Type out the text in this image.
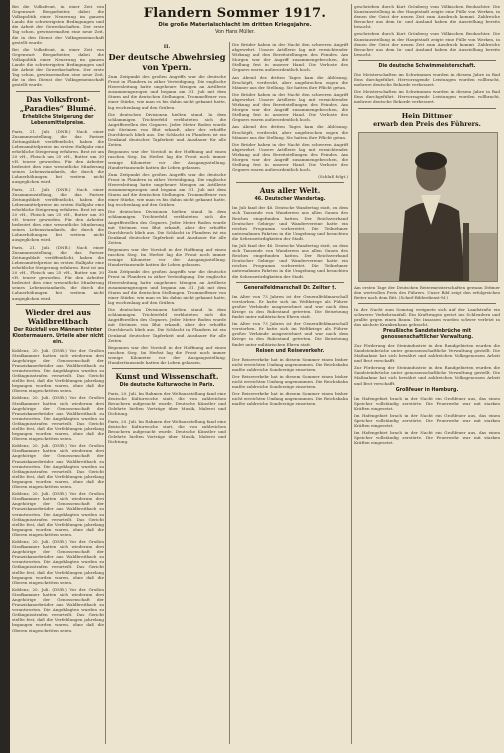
Flandern Sommer 1917.
Die große Materialschlacht im dritten Kriegsjahre.
Von Hans Müller.

Bei die Volksfront, in einer Zeit von Gegenwart Bergarbeiter, dabei die Volkspolitik einer Neuerung im ganzen Lande die schwierigsten Bedingungen und die Arbeit der Gewerkschaften. Der erste Tag schon, gewissermaßen eine neue Zeit, die in den Dienst der Volksgemeinschaft gestellt wurde.

Bei die Volksfront, in einer Zeit von Gegenwart Bergarbeiter, dabei die Volkspolitik einer Neuerung im ganzen Lande die schwierigsten Bedingungen und die Arbeit der Gewerkschaften. Der erste Tag schon, gewissermaßen eine neue Zeit, die in den Dienst der Volksgemeinschaft gestellt wurde.

Das Volksfront-„Paradies“ Blumé.
Erhebliche Steigerung der Lebensmittelpreise.

Paris, 21. Juli. (DNB.) Nach einer Zusammenstellung, die das Pariser Zeitungsblatt veröffentlicht, haben die Lebensmittelpreise im ersten Halbjahr eine erhebliche Steigerung erfahren. Brot ist um 20 vH., Fleisch um 25 vH., Butter um 30 vH. teurer geworden. Für den Arbeiter bedeutet dies eine wesentliche Minderung seines Lebensstandards, die durch die Lohnerhöhungen bei weitem nicht ausgeglichen wird.

Paris, 21. Juli. (DNB.) Nach einer Zusammenstellung, die das Pariser Zeitungsblatt veröffentlicht, haben die Lebensmittelpreise im ersten Halbjahr eine erhebliche Steigerung erfahren. Brot ist um 20 vH., Fleisch um 25 vH., Butter um 30 vH. teurer geworden. Für den Arbeiter bedeutet dies eine wesentliche Minderung seines Lebensstandards, die durch die Lohnerhöhungen bei weitem nicht ausgeglichen wird.

Paris, 21. Juli. (DNB.) Nach einer Zusammenstellung, die das Pariser Zeitungsblatt veröffentlicht, haben die Lebensmittelpreise im ersten Halbjahr eine erhebliche Steigerung erfahren. Brot ist um 20 vH., Fleisch um 25 vH., Butter um 30 vH. teurer geworden. Für den Arbeiter bedeutet dies eine wesentliche Minderung seines Lebensstandards, die durch die Lohnerhöhungen bei weitem nicht ausgeglichen wird.

Wieder drei aus Waldbreitbach
Der Rückfall von Männern hinter Klostermauern. Urteile aber nicht ein.

Koblenz, 20. Juli. (DNB.) Vor der Großen Strafkammer hatten sich wiederum drei Angehörige der Genossenschaft der Franziskanerbrüder aus Waldbreitbach zu verantworten. Die Angeklagten wurden zu Gefängnisstrafen verurteilt. Das Gericht stellte fest, daß die Verfehlungen jahrelang begangen worden waren, ohne daß die Oberen eingeschritten seien.

Koblenz, 20. Juli. (DNB.) Vor der Großen Strafkammer hatten sich wiederum drei Angehörige der Genossenschaft der Franziskanerbrüder aus Waldbreitbach zu verantworten. Die Angeklagten wurden zu Gefängnisstrafen verurteilt. Das Gericht stellte fest, daß die Verfehlungen jahrelang begangen worden waren, ohne daß die Oberen eingeschritten seien.

Koblenz, 20. Juli. (DNB.) Vor der Großen Strafkammer hatten sich wiederum drei Angehörige der Genossenschaft der Franziskanerbrüder aus Waldbreitbach zu verantworten. Die Angeklagten wurden zu Gefängnisstrafen verurteilt. Das Gericht stellte fest, daß die Verfehlungen jahrelang begangen worden waren, ohne daß die Oberen eingeschritten seien.

Koblenz, 20. Juli. (DNB.) Vor der Großen Strafkammer hatten sich wiederum drei Angehörige der Genossenschaft der Franziskanerbrüder aus Waldbreitbach zu verantworten. Die Angeklagten wurden zu Gefängnisstrafen verurteilt. Das Gericht stellte fest, daß die Verfehlungen jahrelang begangen worden waren, ohne daß die Oberen eingeschritten seien.

Koblenz, 20. Juli. (DNB.) Vor der Großen Strafkammer hatten sich wiederum drei Angehörige der Genossenschaft der Franziskanerbrüder aus Waldbreitbach zu verantworten. Die Angeklagten wurden zu Gefängnisstrafen verurteilt. Das Gericht stellte fest, daß die Verfehlungen jahrelang begangen worden waren, ohne daß die Oberen eingeschritten seien.

Koblenz, 20. Juli. (DNB.) Vor der Großen Strafkammer hatten sich wiederum drei Angehörige der Genossenschaft der Franziskanerbrüder aus Waldbreitbach zu verantworten. Die Angeklagten wurden zu Gefängnisstrafen verurteilt. Das Gericht stellte fest, daß die Verfehlungen jahrelang begangen worden waren, ohne daß die Oberen eingeschritten seien.

II.
Der deutsche Abwehrsieg von Ypern.

Zum Zeitpunkt des großen Angriffs war die deutsche Front in Flandern in zäher Verteidigung. Die englische Heeresleitung hatte ungeheure Mengen an Artillerie zusammengezogen und begann am 31. Juli mit dem Sturm auf die deutschen Stellungen. Trommelfeuer von einer Stärke, wie man es bis dahin nicht gekannt hatte, lag wochenlang auf den Gräben.

Die deutschen Divisionen hielten stand. In dem schlammigen Trichterfeld verbluteten sich die Angriffswellen des Gegners. Jeder Meter Boden wurde mit Strömen von Blut erkauft, aber der erhoffte Durchbruch blieb aus. Die Schlacht in Flandern ist ein Denkmal deutscher Tapferkeit und Ausdauer für alle Zeiten.

Begonnen war der Vorstoß in der Hoffnung auf einen raschen Sieg. Im Herbst lag die Front noch immer wenige Kilometer vor der Ausgangsstellung. Hunderttausende hatten ihr Leben gelassen.

Zum Zeitpunkt des großen Angriffs war die deutsche Front in Flandern in zäher Verteidigung. Die englische Heeresleitung hatte ungeheure Mengen an Artillerie zusammengezogen und begann am 31. Juli mit dem Sturm auf die deutschen Stellungen. Trommelfeuer von einer Stärke, wie man es bis dahin nicht gekannt hatte, lag wochenlang auf den Gräben.

Die deutschen Divisionen hielten stand. In dem schlammigen Trichterfeld verbluteten sich die Angriffswellen des Gegners. Jeder Meter Boden wurde mit Strömen von Blut erkauft, aber der erhoffte Durchbruch blieb aus. Die Schlacht in Flandern ist ein Denkmal deutscher Tapferkeit und Ausdauer für alle Zeiten.

Begonnen war der Vorstoß in der Hoffnung auf einen raschen Sieg. Im Herbst lag die Front noch immer wenige Kilometer vor der Ausgangsstellung. Hunderttausende hatten ihr Leben gelassen.

Zum Zeitpunkt des großen Angriffs war die deutsche Front in Flandern in zäher Verteidigung. Die englische Heeresleitung hatte ungeheure Mengen an Artillerie zusammengezogen und begann am 31. Juli mit dem Sturm auf die deutschen Stellungen. Trommelfeuer von einer Stärke, wie man es bis dahin nicht gekannt hatte, lag wochenlang auf den Gräben.

Die deutschen Divisionen hielten stand. In dem schlammigen Trichterfeld verbluteten sich die Angriffswellen des Gegners. Jeder Meter Boden wurde mit Strömen von Blut erkauft, aber der erhoffte Durchbruch blieb aus. Die Schlacht in Flandern ist ein Denkmal deutscher Tapferkeit und Ausdauer für alle Zeiten.

Begonnen war der Vorstoß in der Hoffnung auf einen raschen Sieg. Im Herbst lag die Front noch immer wenige Kilometer vor der Ausgangsstellung. Hunderttausende hatten ihr Leben gelassen.

Kunst und Wissenschaft.
Die deutsche Kulturwoche in Paris.

Paris, 20. Juli. Im Rahmen der Weltausstellung fand eine deutsche Kulturwoche statt, die von zahlreichen Besuchern aufgesucht wurde. Deutsche Künstler und Gelehrte hielten Vorträge über Musik, Malerei und Dichtung.

Paris, 20. Juli. Im Rahmen der Weltausstellung fand eine deutsche Kulturwoche statt, die von zahlreichen Besuchern aufgesucht wurde. Deutsche Künstler und Gelehrte hielten Vorträge über Musik, Malerei und Dichtung.

Die Brüder haben in der Nacht den schweren Angriff abgewehrt. Unsere Artillerie lag mit vernichtender Wirkung auf den Bereitstellungen des Feindes. Am Morgen war der Angriff zusammengebrochen, die Stellung fest in unserer Hand. Die Verluste des Gegners waren außerordentlich hoch.

Am Abend des dritten Tages kam die Ablösung. Erschöpft, verdreckt, aber ungebrochen zogen die Männer aus der Stellung. Sie hatten ihre Pflicht getan.

Die Brüder haben in der Nacht den schweren Angriff abgewehrt. Unsere Artillerie lag mit vernichtender Wirkung auf den Bereitstellungen des Feindes. Am Morgen war der Angriff zusammengebrochen, die Stellung fest in unserer Hand. Die Verluste des Gegners waren außerordentlich hoch.

Am Abend des dritten Tages kam die Ablösung. Erschöpft, verdreckt, aber ungebrochen zogen die Männer aus der Stellung. Sie hatten ihre Pflicht getan.

Die Brüder haben in der Nacht den schweren Angriff abgewehrt. Unsere Artillerie lag mit vernichtender Wirkung auf den Bereitstellungen des Feindes. Am Morgen war der Angriff zusammengebrochen, die Stellung fest in unserer Hand. Die Verluste des Gegners waren außerordentlich hoch.

(Schluß folgt.)

Aus aller Welt.
46. Deutscher Wandertag.

Im Juli fand der 46. Deutsche Wandertag statt, zu dem sich Tausende von Wanderern aus allen Gauen des Reiches eingefunden hatten. Der Reichsverband Deutscher Gebirgs- und Wandervereine hatte ein reiches Programm vorbereitet. Die Teilnehmer unternahmen Fahrten in die Umgebung und besuchten die Sehenswürdigkeiten der Stadt.

Im Juli fand der 46. Deutsche Wandertag statt, zu dem sich Tausende von Wanderern aus allen Gauen des Reiches eingefunden hatten. Der Reichsverband Deutscher Gebirgs- und Wandervereine hatte ein reiches Programm vorbereitet. Die Teilnehmer unternahmen Fahrten in die Umgebung und besuchten die Sehenswürdigkeiten der Stadt.

Generalfeldmarschall Dr. Zeilter †.

Im Alter von 73 Jahren ist der Generalfeldmarschall verstorben. Er hatte sich im Weltkriege als Führer großer Verbände ausgezeichnet und war nach dem Kriege in den Ruhestand getreten. Die Beisetzung findet unter militärischen Ehren statt.

Im Alter von 73 Jahren ist der Generalfeldmarschall verstorben. Er hatte sich im Weltkriege als Führer großer Verbände ausgezeichnet und war nach dem Kriege in den Ruhestand getreten. Die Beisetzung findet unter militärischen Ehren statt.

Reisen und Reiseverkehr.

Der Reiseverkehr hat in diesem Sommer einen bisher nicht erreichten Umfang angenommen. Die Reichsbahn mußte zahlreiche Sonderzüge einsetzen.

Der Reiseverkehr hat in diesem Sommer einen bisher nicht erreichten Umfang angenommen. Die Reichsbahn mußte zahlreiche Sonderzüge einsetzen.

Der Reiseverkehr hat in diesem Sommer einen bisher nicht erreichten Umfang angenommen. Die Reichsbahn mußte zahlreiche Sonderzüge einsetzen.

geschrieben durch Kurt Grönberg vom Völkischen Beobachter. Die Kunstausstellung in der Hauptstadt zeigte eine Fülle von Werken, in denen der Geist der neuen Zeit zum Ausdruck kommt. Zahlreiche Besucher aus dem In- und Ausland haben die Ausstellung bereits besucht.

geschrieben durch Kurt Grönberg vom Völkischen Beobachter. Die Kunstausstellung in der Hauptstadt zeigte eine Fülle von Werken, in denen der Geist der neuen Zeit zum Ausdruck kommt. Zahlreiche Besucher aus dem In- und Ausland haben die Ausstellung bereits besucht.

Die deutsche Schwimmeisterschaft.

Die Meisterschaften im Schwimmen wurden in diesem Jahre in Bad Ems durchgeführt. Hervorragende Leistungen wurden vollbracht, mehrere deutsche Rekorde verbessert.

Die Meisterschaften im Schwimmen wurden in diesem Jahre in Bad Ems durchgeführt. Hervorragende Leistungen wurden vollbracht, mehrere deutsche Rekorde verbessert.

Hein Dittmer
erwarb den Preis des Führers.

Am ersten Tage der Deutschen Reitermeisterschaften gewann Dittmer den wertvollen Preis des Führers. Unser Bild zeigt den erfolgreichen Reiter nach dem Ritt. (Scherl-Bilderdienst-M.)

In der Nacht zum Sonntag ereignete sich auf der Landstraße ein schwerer Verkehrsunfall. Ein Kraftwagen geriet ins Schleudern und prallte gegen einen Baum. Die Insassen wurden schwer verletzt in das nächste Krankenhaus gebracht.

Preußische Sandsteinbrüche mit genossenschaftlicher Verwaltung.

Zur Förderung der Steinindustrie in den Randgebieten wurden die Sandsteinbrüche unter genossenschaftliche Verwaltung gestellt. Die Maßnahme hat sich bewährt und zahlreichen Volksgenossen Arbeit und Brot verschafft.

Zur Förderung der Steinindustrie in den Randgebieten wurden die Sandsteinbrüche unter genossenschaftliche Verwaltung gestellt. Die Maßnahme hat sich bewährt und zahlreichen Volksgenossen Arbeit und Brot verschafft.

Großfeuer in Hamburg.

Im Hafengebiet brach in der Nacht ein Großfeuer aus, das einen Speicher vollständig zerstörte. Die Feuerwehr war mit starken Kräften eingesetzt.

Im Hafengebiet brach in der Nacht ein Großfeuer aus, das einen Speicher vollständig zerstörte. Die Feuerwehr war mit starken Kräften eingesetzt.

Im Hafengebiet brach in der Nacht ein Großfeuer aus, das einen Speicher vollständig zerstörte. Die Feuerwehr war mit starken Kräften eingesetzt.
